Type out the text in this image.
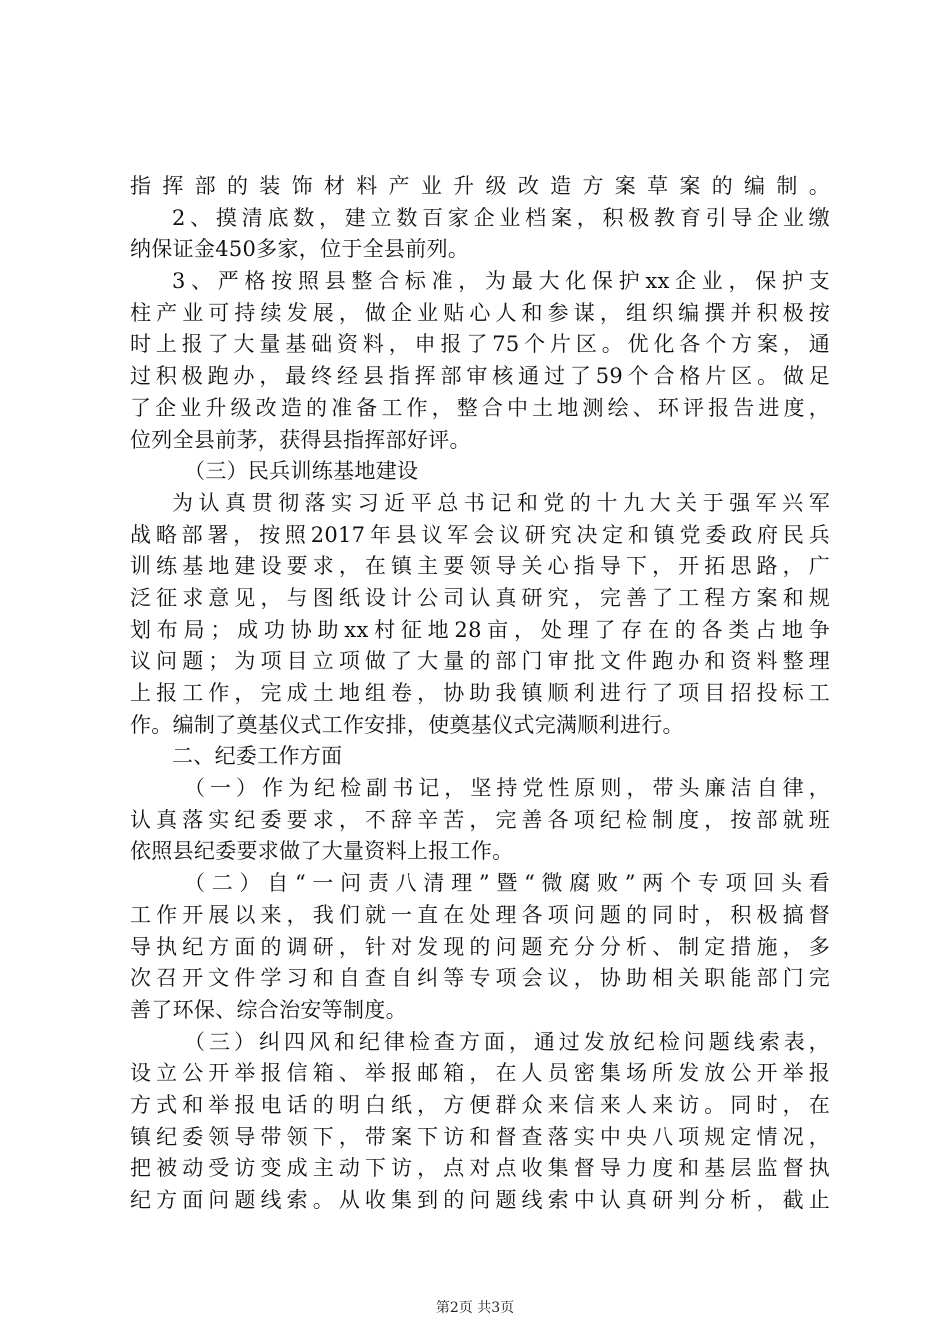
指挥部的装饰材料产业升级改造方案草案的编制。
2、摸清底数，建立数百家企业档案，积极教育引导企业缴
纳保证金450多家，位于全县前列。
3、严格按照县整合标准，为最大化保护xx企业，保护支
柱产业可持续发展，做企业贴心人和参谋，组织编撰并积极按
时上报了大量基础资料，申报了75个片区。优化各个方案，通
过积极跑办，最终经县指挥部审核通过了59个合格片区。做足
了企业升级改造的准备工作，整合中土地测绘、环评报告进度，
位列全县前茅，获得县指挥部好评。
（三）民兵训练基地建设
为认真贯彻落实习近平总书记和党的十九大关于强军兴军
战略部署，按照2017年县议军会议研究决定和镇党委政府民兵
训练基地建设要求，在镇主要领导关心指导下，开拓思路，广
泛征求意见，与图纸设计公司认真研究，完善了工程方案和规
划布局；成功协助xx村征地28亩，处理了存在的各类占地争
议问题；为项目立项做了大量的部门审批文件跑办和资料整理
上报工作，完成土地组卷，协助我镇顺利进行了项目招投标工
作。编制了奠基仪式工作安排，使奠基仪式完满顺利进行。
二、纪委工作方面
（一）作为纪检副书记，坚持党性原则，带头廉洁自律，
认真落实纪委要求，不辞辛苦，完善各项纪检制度，按部就班
依照县纪委要求做了大量资料上报工作。
（二）自“一问责八清理”暨“微腐败”两个专项回头看
工作开展以来，我们就一直在处理各项问题的同时，积极搞督
导执纪方面的调研，针对发现的问题充分分析、制定措施，多
次召开文件学习和自查自纠等专项会议，协助相关职能部门完
善了环保、综合治安等制度。
（三）纠四风和纪律检查方面，通过发放纪检问题线索表，
设立公开举报信箱、举报邮箱，在人员密集场所发放公开举报
方式和举报电话的明白纸，方便群众来信来人来访。同时，在
镇纪委领导带领下，带案下访和督查落实中央八项规定情况，
把被动受访变成主动下访，点对点收集督导力度和基层监督执
纪方面问题线索。从收集到的问题线索中认真研判分析，截止
第2页 共3页
